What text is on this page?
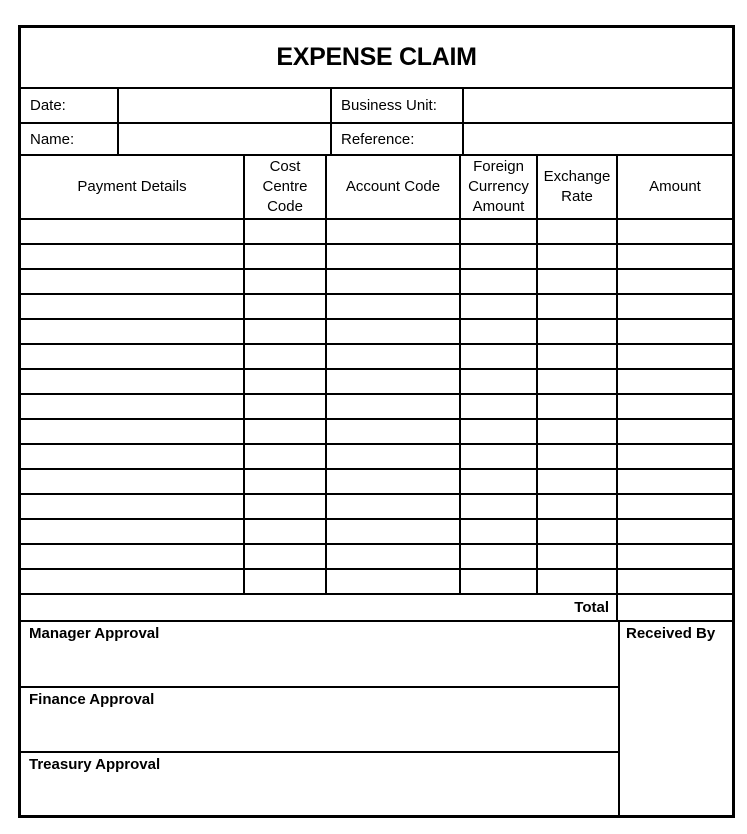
EXPENSE CLAIM
Date:	Business Unit:
Name:	Reference:
Payment Details
Cost Centre Code
Account Code
Foreign Currency Amount
Exchange Rate
Amount
Total
Manager Approval
Finance Approval
Treasury Approval
Received By
